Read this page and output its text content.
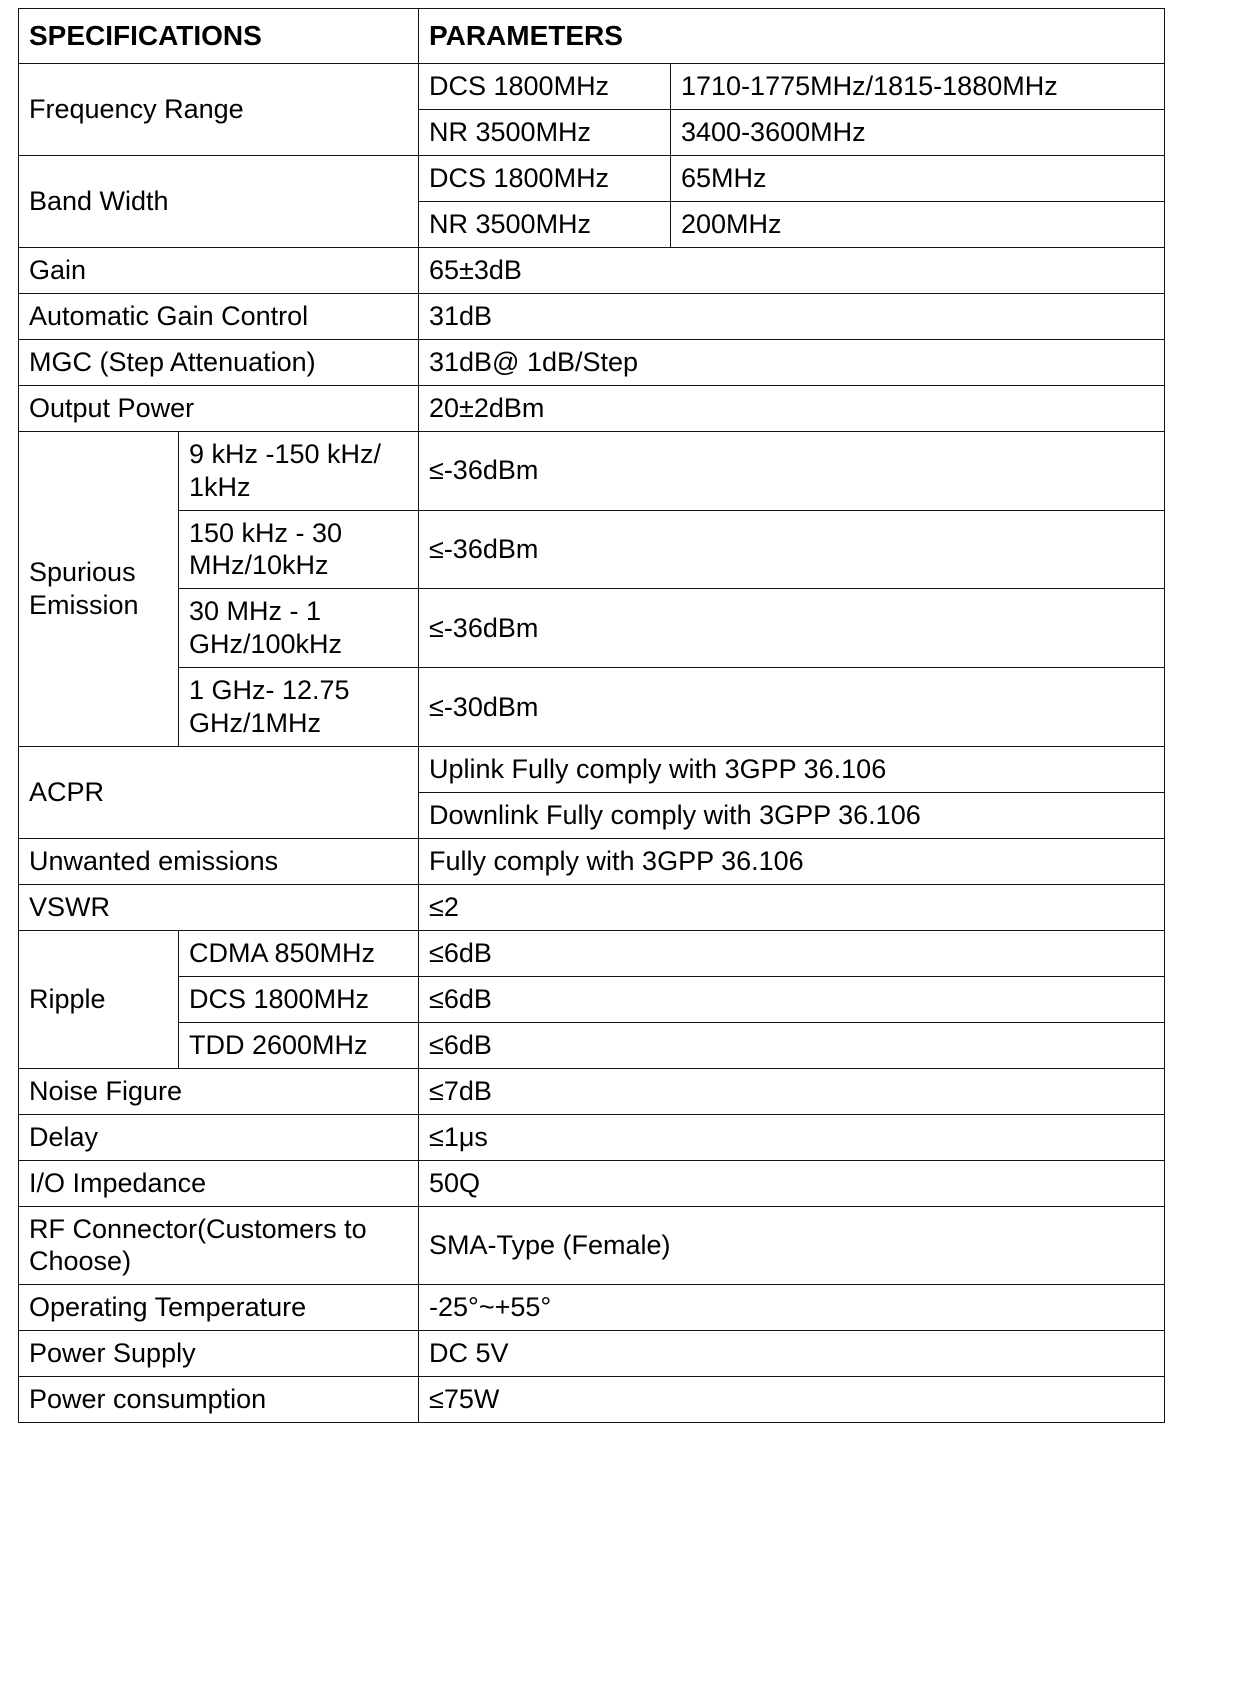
SPECIFICATIONS		PARAMETERS	
Frequency Range		DCS 1800MHz	1710-1775MHz/1815-1880MHz
		NR 3500MHz	3400-3600MHz
Band Width		DCS 1800MHz	65MHz
		NR 3500MHz	200MHz
Gain		65±3dB	
Automatic Gain Control		31dB	
MGC (Step Attenuation)		31dB@ 1dB/Step	
Output Power		20±2dBm	
Spurious Emission	9 kHz -150 kHz/ 1kHz	≤-36dBm	
	150 kHz - 30 MHz/10kHz	≤-36dBm	
	30 MHz - 1 GHz/100kHz	≤-36dBm	
	1 GHz- 12.75 GHz/1MHz	≤-30dBm	
ACPR		Uplink Fully comply with 3GPP 36.106	
		Downlink Fully comply with 3GPP 36.106	
Unwanted emissions		Fully comply with 3GPP 36.106	
VSWR		≤2	
Ripple	CDMA 850MHz	≤6dB	
	DCS 1800MHz	≤6dB	
	TDD 2600MHz	≤6dB	
Noise Figure		≤7dB	
Delay		≤1μs	
I/O Impedance		50Q	
RF Connector(Customers to Choose)		SMA-Type (Female)	
Operating Temperature		-25°~+55°	
Power Supply		DC 5V	
Power consumption		≤75W	
